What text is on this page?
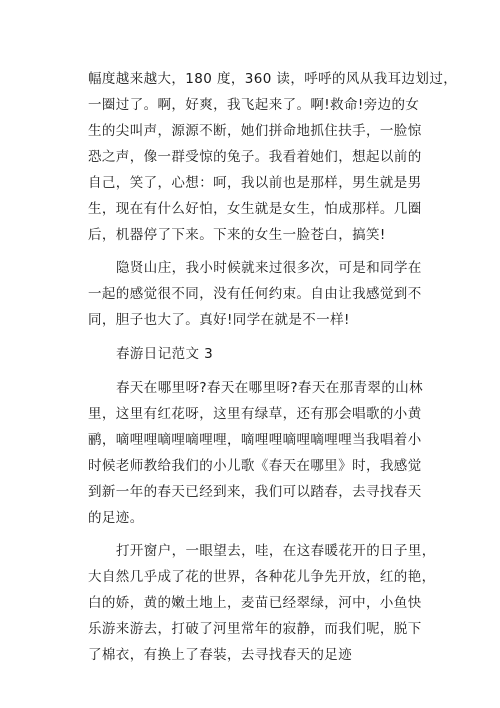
幅度越来越大，180 度，360 读，呼呼的风从我耳边划过，
一圈过了。啊，好爽，我飞起来了。啊!救命!旁边的女
生的尖叫声，源源不断，她们拼命地抓住扶手，一脸惊
恐之声，像一群受惊的兔子。我看着她们，想起以前的
自己，笑了，心想：呵，我以前也是那样，男生就是男
生，现在有什么好怕，女生就是女生，怕成那样。几圈
后，机器停了下来。下来的女生一脸苍白，搞笑!
隐贤山庄，我小时候就来过很多次，可是和同学在
一起的感觉很不同，没有任何约束。自由让我感觉到不
同，胆子也大了。真好!同学在就是不一样!
春游日记范文 3
春天在哪里呀?春天在哪里呀?春天在那青翠的山林
里，这里有红花呀，这里有绿草，还有那会唱歌的小黄
鹂，嘀哩哩嘀哩嘀哩哩，嘀哩哩嘀哩嘀哩哩当我唱着小
时候老师教给我们的小儿歌《春天在哪里》时，我感觉
到新一年的春天已经到来，我们可以踏春，去寻找春天
的足迹。
打开窗户，一眼望去，哇，在这春暖花开的日子里，
大自然几乎成了花的世界，各种花儿争先开放，红的艳，
白的娇，黄的嫩土地上，麦苗已经翠绿，河中，小鱼快
乐游来游去，打破了河里常年的寂静，而我们呢，脱下
了棉衣，有换上了春装，去寻找春天的足迹
